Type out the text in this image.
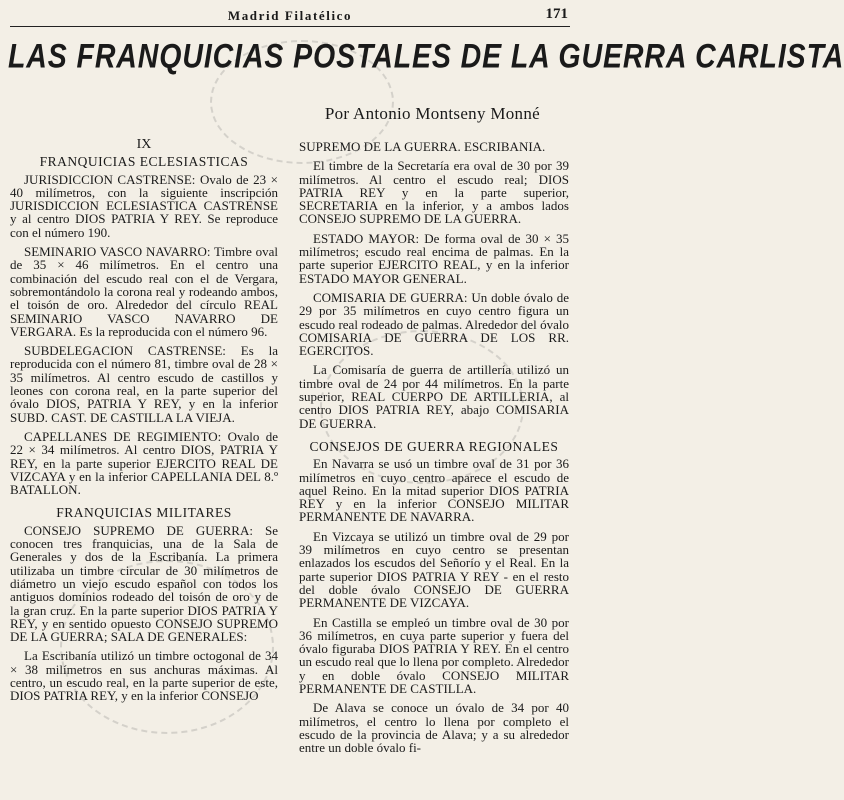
Madrid Filatélico	171
LAS FRANQUICIAS POSTALES DE LA GUERRA CARLISTA
Por Antonio Montseny Monné
IX
FRANQUICIAS ECLESIASTICAS

JURISDICCION CASTRENSE: Ovalo de 23 × 40 milímetros, con la siguiente inscripción JURISDICCION ECLESIASTICA CASTRENSE y al centro DIOS PATRIA Y REY. Se reproduce con el número 190.

SEMINARIO VASCO NAVARRO: Timbre oval de 35 × 46 milímetros. En el centro una combinación del escudo real con el de Vergara, sobremontándolo la corona real y rodeando ambos, el toisón de oro. Alrededor del círculo REAL SEMINARIO VASCO NAVARRO DE VERGARA. Es la reproducida con el número 96.

SUBDELEGACION CASTRENSE: Es la reproducida con el número 81, timbre oval de 28 × 35 milímetros. Al centro escudo de castillos y leones con corona real, en la parte superior del óvalo DIOS, PATRIA Y REY, y en la inferior SUBD. CAST. DE CASTILLA LA VIEJA.

CAPELLANES DE REGIMIENTO: Ovalo de 22 × 34 milímetros. Al centro DIOS, PATRIA Y REY, en la parte superior EJERCITO REAL DE VIZCAYA y en la inferior CAPELLANIA DEL 8.º BATALLON.

FRANQUICIAS MILITARES

CONSEJO SUPREMO DE GUERRA: Se conocen tres franquicias, una de la Sala de Generales y dos de la Escribanía. La primera utilizaba un timbre circular de 30 milímetros de diámetro un viejo escudo español con todos los antiguos dominios rodeado del toisón de oro y de la gran cruz. En la parte superior DIOS PATRIA Y REY, y en sentido opuesto CONSEJO SUPREMO DE LA GUERRA; SALA DE GENERALES:

La Escribanía utilizó un timbre octogonal de 34 × 38 milímetros en sus anchuras máximas. Al centro, un escudo real, en la parte superior de este, DIOS PATRIA REY, y en la inferior CONSEJO

SUPREMO DE LA GUERRA. ESCRIBANIA.

El timbre de la Secretaría era oval de 30 por 39 milímetros. Al centro el escudo real; DIOS PATRIA REY y en la parte superior, SECRETARIA en la inferior, y a ambos lados CONSEJO SUPREMO DE LA GUERRA.

ESTADO MAYOR: De forma oval de 30 × 35 milímetros; escudo real encima de palmas. En la parte superior EJERCITO REAL, y en la inferior ESTADO MAYOR GENERAL.

COMISARIA DE GUERRA: Un doble óvalo de 29 por 35 milímetros en cuyo centro figura un escudo real rodeado de palmas. Alrededor del óvalo COMISARIA DE GUERRA DE LOS RR. EGERCITOS.

La Comisaría de guerra de artillería utilizó un timbre oval de 24 por 44 milímetros. En la parte superior, REAL CUERPO DE ARTILLERIA, al centro DIOS PATRIA REY, abajo COMISARIA DE GUERRA.

CONSEJOS DE GUERRA REGIONALES

En Navarra se usó un timbre oval de 31 por 36 milímetros en cuyo centro aparece el escudo de aquel Reino. En la mitad superior DIOS PATRIA REY y en la inferior CONSEJO MILITAR PERMANENTE DE NAVARRA.

En Vizcaya se utilizó un timbre oval de 29 por 39 milímetros en cuyo centro se presentan enlazados los escudos del Señorío y el Real. En la parte superior DIOS PATRIA Y REY - en el resto del doble óvalo CONSEJO DE GUERRA PERMANENTE DE VIZCAYA.

En Castilla se empleó un timbre oval de 30 por 36 milímetros, en cuya parte superior y fuera del óvalo figuraba DIOS PATRIA Y REY. En el centro un escudo real que lo llena por completo. Alrededor y en doble óvalo CONSEJO MILITAR PERMANENTE DE CASTILLA.

De Alava se conoce un óvalo de 34 por 40 milímetros, el centro lo llena por completo el escudo de la provincia de Alava; y a su alrededor entre un doble óvalo fi-
